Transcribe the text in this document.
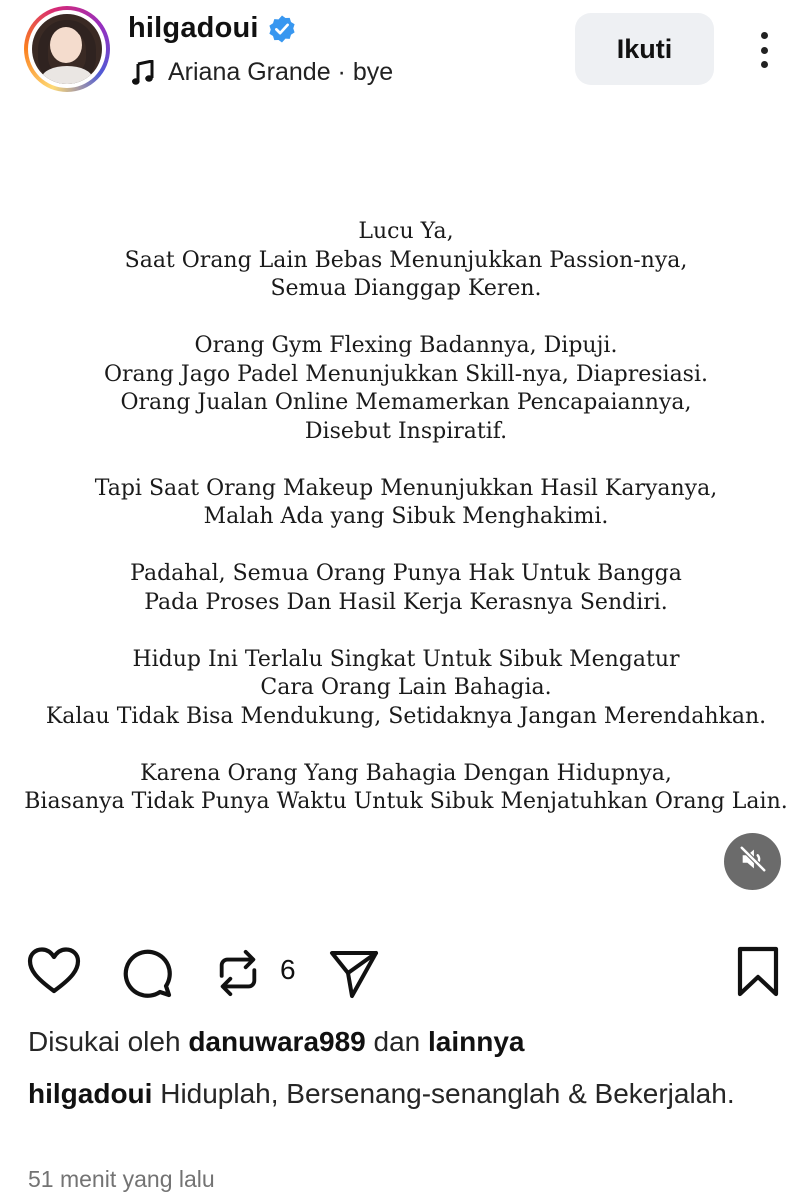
hilgadoui
Ariana Grande · bye
Ikuti
Lucu Ya,
Saat Orang Lain Bebas Menunjukkan Passion-nya,
Semua Dianggap Keren.
Orang Gym Flexing Badannya, Dipuji.
Orang Jago Padel Menunjukkan Skill-nya, Diapresiasi.
Orang Jualan Online Memamerkan Pencapaiannya,
Disebut Inspiratif.
Tapi Saat Orang Makeup Menunjukkan Hasil Karyanya,
Malah Ada yang Sibuk Menghakimi.
Padahal, Semua Orang Punya Hak Untuk Bangga
Pada Proses Dan Hasil Kerja Kerasnya Sendiri.
Hidup Ini Terlalu Singkat Untuk Sibuk Mengatur
Cara Orang Lain Bahagia.
Kalau Tidak Bisa Mendukung, Setidaknya Jangan Merendahkan.
Karena Orang Yang Bahagia Dengan Hidupnya,
Biasanya Tidak Punya Waktu Untuk Sibuk Menjatuhkan Orang Lain.
6
Disukai oleh danuwara989 dan lainnya
hilgadoui Hiduplah, Bersenang-senanglah & Bekerjalah.
51 menit yang lalu
